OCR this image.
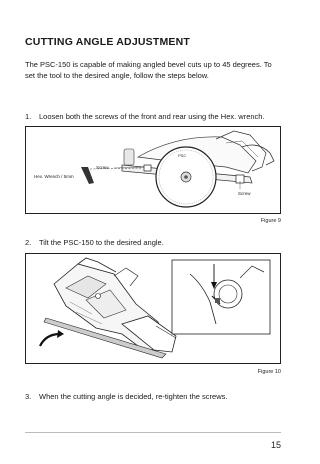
CUTTING ANGLE ADJUSTMENT
The PSC-150 is capable of making angled bevel cuts up to 45 degrees. To set the tool to the desired angle, follow the steps below.
1. Loosen both the screws of the front and rear using the Hex. wrench.
PSC
Screw
Hex. Wrench / 5mm
Screw
Figure 9
2. Tilt the PSC-150 to the desired angle.
Figure 10
3. When the cutting angle is decided, re-tighten the screws.
15
